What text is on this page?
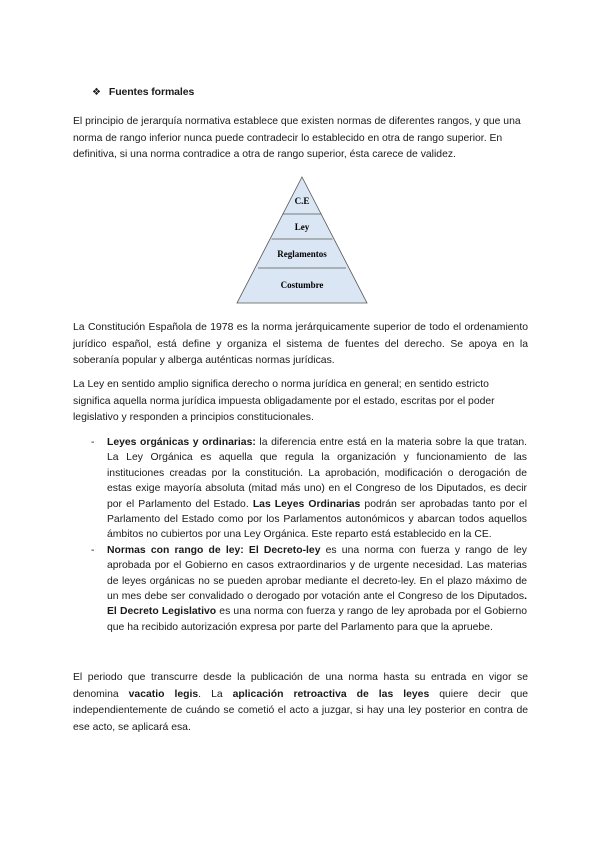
❖ Fuentes formales

El principio de jerarquía normativa establece que existen normas de diferentes rangos, y que una norma de rango inferior nunca puede contradecir lo establecido en otra de rango superior. En definitiva, si una norma contradice a otra de rango superior, ésta carece de validez.

C.E
Ley
Reglamentos
Costumbre

La Constitución Española de 1978 es la norma jerárquicamente superior de todo el ordenamiento jurídico español, está define y organiza el sistema de fuentes del derecho. Se apoya en la soberanía popular y alberga auténticas normas jurídicas.

La Ley en sentido amplio significa derecho o norma jurídica en general; en sentido estricto significa aquella norma jurídica impuesta obligadamente por el estado, escritas por el poder legislativo y responden a principios constitucionales.

- Leyes orgánicas y ordinarias: la diferencia entre está en la materia sobre la que tratan. La Ley Orgánica es aquella que regula la organización y funcionamiento de las instituciones creadas por la constitución. La aprobación, modificación o derogación de estas exige mayoría absoluta (mitad más uno) en el Congreso de los Diputados, es decir por el Parlamento del Estado. Las Leyes Ordinarias podrán ser aprobadas tanto por el Parlamento del Estado como por los Parlamentos autonómicos y abarcan todos aquellos ámbitos no cubiertos por una Ley Orgánica. Este reparto está establecido en la CE.
- Normas con rango de ley: El Decreto-ley es una norma con fuerza y rango de ley aprobada por el Gobierno en casos extraordinarios y de urgente necesidad. Las materias de leyes orgánicas no se pueden aprobar mediante el decreto-ley. En el plazo máximo de un mes debe ser convalidado o derogado por votación ante el Congreso de los Diputados. El Decreto Legislativo es una norma con fuerza y rango de ley aprobada por el Gobierno que ha recibido autorización expresa por parte del Parlamento para que la apruebe.

El periodo que transcurre desde la publicación de una norma hasta su entrada en vigor se denomina vacatio legis. La aplicación retroactiva de las leyes quiere decir que independientemente de cuándo se cometió el acto a juzgar, si hay una ley posterior en contra de ese acto, se aplicará esa.
